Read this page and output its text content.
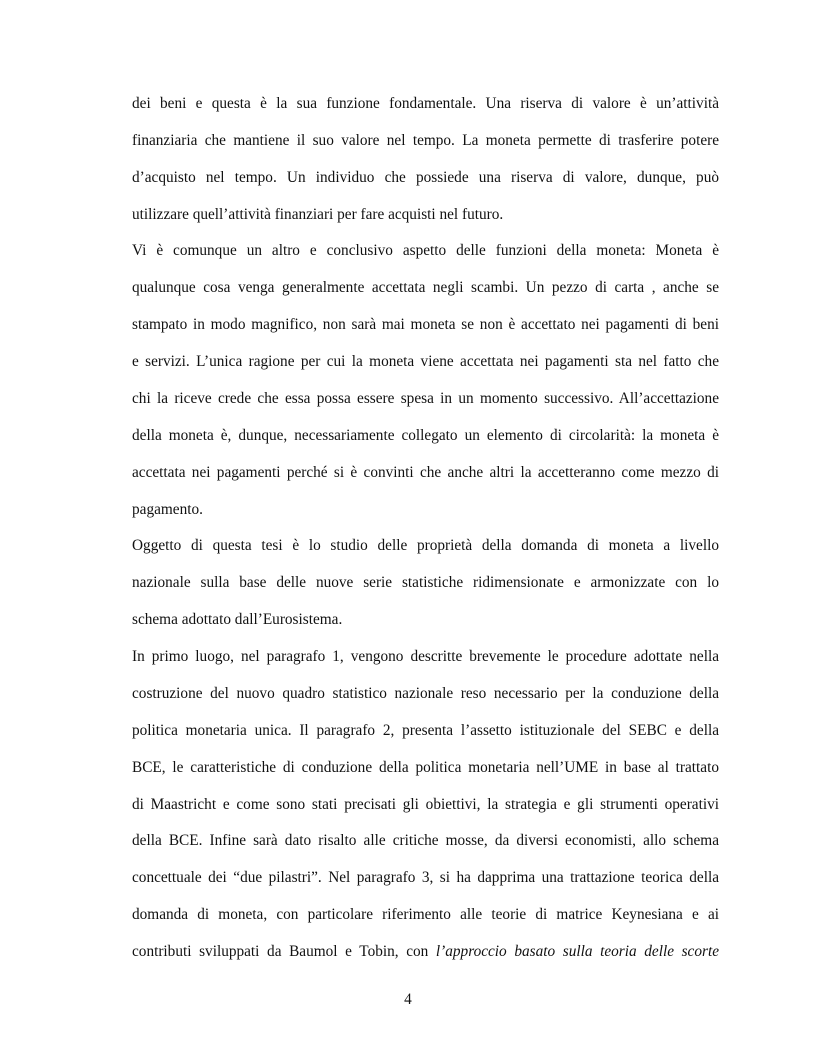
dei beni e questa è la sua funzione fondamentale. Una riserva di valore è un’attività
finanziaria che mantiene il suo valore nel tempo. La moneta permette di trasferire potere
d’acquisto nel tempo. Un individuo che possiede una riserva di valore, dunque, può
utilizzare quell’attività finanziari per fare acquisti nel futuro.
Vi è comunque un altro e conclusivo aspetto delle funzioni della moneta: Moneta è
qualunque cosa venga generalmente accettata negli scambi. Un pezzo di carta , anche se
stampato in modo magnifico, non sarà mai moneta se non è accettato nei pagamenti di beni
e servizi. L’unica ragione per cui la moneta viene accettata nei pagamenti sta nel fatto che
chi la riceve crede che essa possa essere spesa in un momento successivo. All’accettazione
della moneta è, dunque, necessariamente collegato un elemento di circolarità: la moneta è
accettata nei pagamenti perché si è convinti che anche altri la accetteranno come mezzo di
pagamento.
Oggetto di questa tesi è lo studio delle proprietà della domanda di moneta a livello
nazionale sulla base delle nuove serie statistiche ridimensionate e armonizzate con lo
schema adottato dall’Eurosistema.
In primo luogo, nel paragrafo 1, vengono descritte brevemente le procedure adottate nella
costruzione del nuovo quadro statistico nazionale reso necessario per la conduzione della
politica monetaria unica. Il paragrafo 2, presenta l’assetto istituzionale del SEBC e della
BCE, le caratteristiche di conduzione della politica monetaria nell’UME in base al trattato
di Maastricht e come sono stati precisati gli obiettivi, la strategia e gli strumenti operativi
della BCE. Infine sarà dato risalto alle critiche mosse, da diversi economisti, allo schema
concettuale dei “due pilastri”. Nel paragrafo 3, si ha dapprima una trattazione teorica della
domanda di moneta, con particolare riferimento alle teorie di matrice Keynesiana e ai
contributi sviluppati da Baumol e Tobin, con l’approccio basato sulla teoria delle scorte
4
